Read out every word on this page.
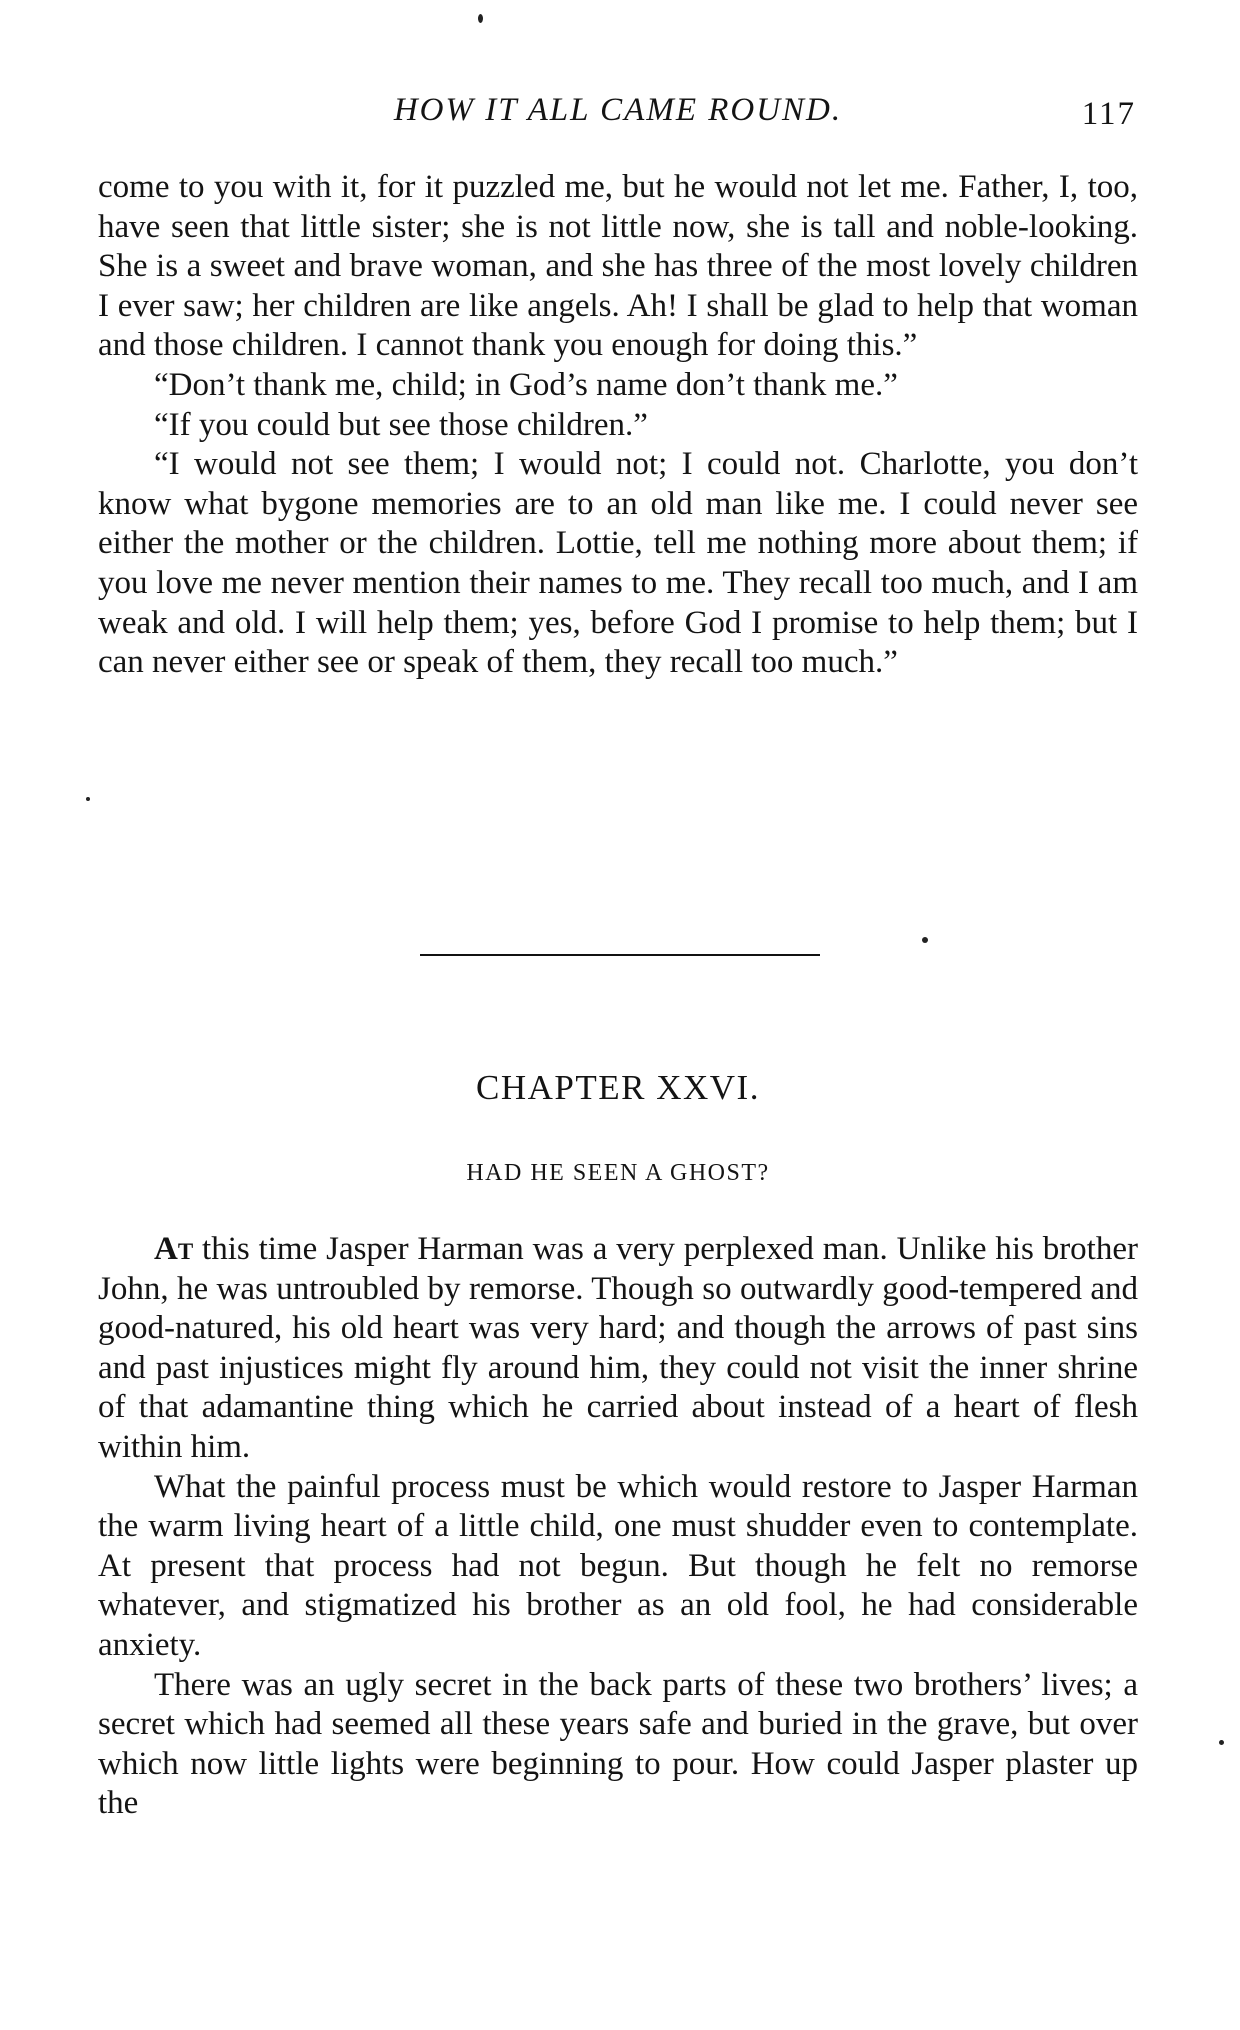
HOW IT ALL CAME ROUND.	117

come to you with it, for it puzzled me, but he would not let me. Father, I, too, have seen that little sister; she is not little now, she is tall and noble-looking. She is a sweet and brave woman, and she has three of the most lovely children I ever saw; her children are like angels. Ah! I shall be glad to help that woman and those children. I cannot thank you enough for doing this.”

“Don’t thank me, child; in God’s name don’t thank me.”

“If you could but see those children.”

“I would not see them; I would not; I could not. Charlotte, you don’t know what bygone memories are to an old man like me. I could never see either the mother or the children. Lottie, tell me nothing more about them; if you love me never mention their names to me. They recall too much, and I am weak and old. I will help them; yes, before God I promise to help them; but I can never either see or speak of them, they recall too much.”

CHAPTER XXVI.
HAD HE SEEN A GHOST?

At this time Jasper Harman was a very perplexed man. Unlike his brother John, he was untroubled by remorse. Though so outwardly good-tempered and good-natured, his old heart was very hard; and though the arrows of past sins and past injustices might fly around him, they could not visit the inner shrine of that adamantine thing which he carried about instead of a heart of flesh within him.

What the painful process must be which would restore to Jasper Harman the warm living heart of a little child, one must shudder even to contemplate. At present that process had not begun. But though he felt no remorse whatever, and stigmatized his brother as an old fool, he had considerable anxiety.

There was an ugly secret in the back parts of these two brothers’ lives; a secret which had seemed all these years safe and buried in the grave, but over which now little lights were beginning to pour. How could Jasper plaster up the
